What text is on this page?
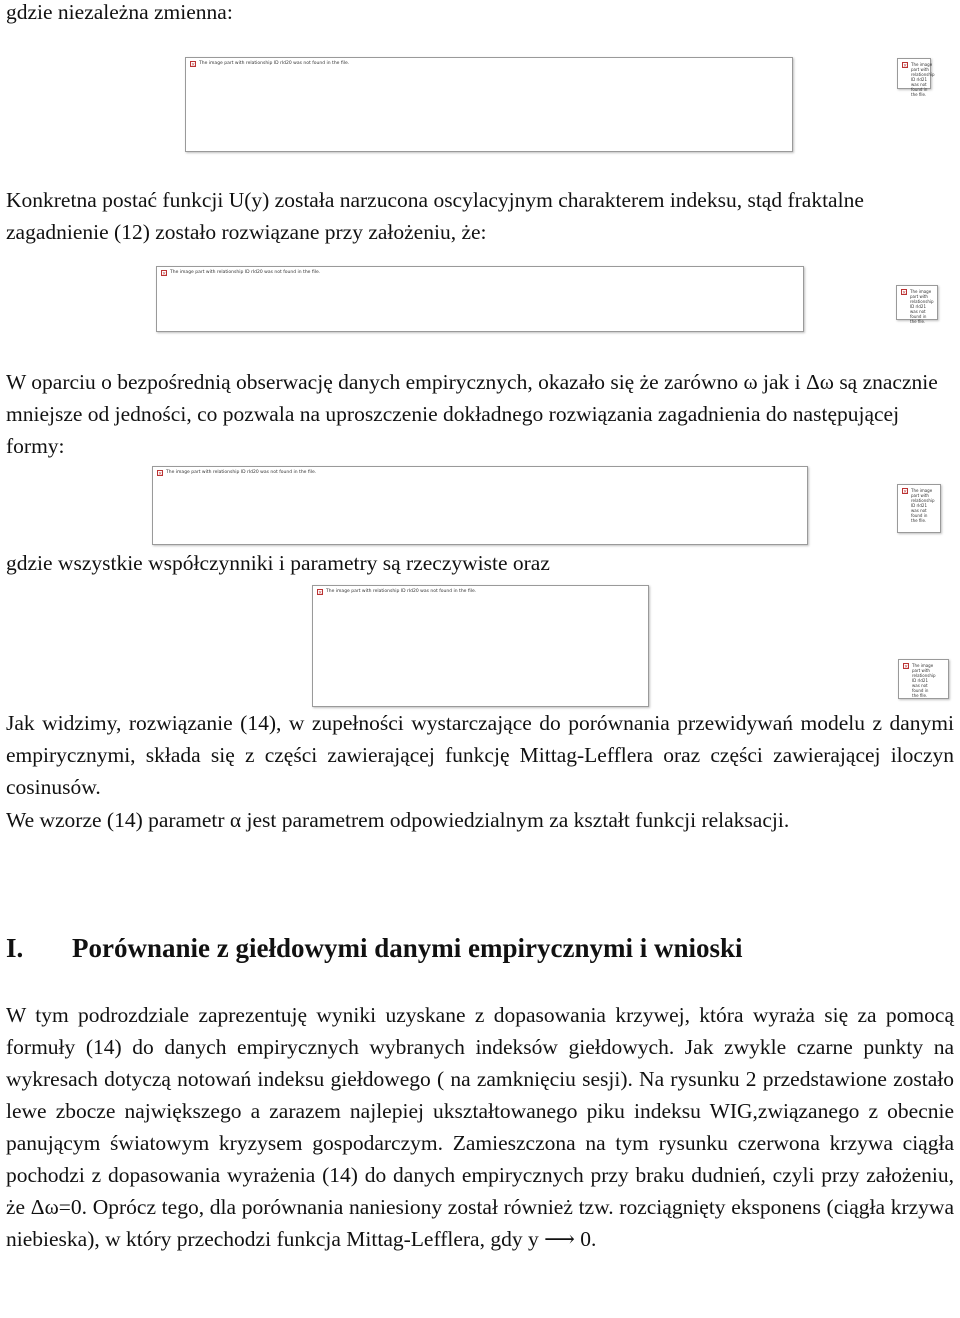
gdzie niezależna zmienna:

× The image part with relationship ID rId20 was not found in the file.	× The image part with relationship ID rId21 was not found in the file.

Konkretna postać funkcji U(y) została narzucona oscylacyjnym charakterem indeksu, stąd fraktalne zagadnienie (12) zostało rozwiązane przy założeniu, że:

× The image part with relationship ID rId20 was not found in the file.
× The image part with relationship ID rId21 was not found in the file.

W oparciu o bezpośrednią obserwację danych empirycznych, okazało się że zarówno ω jak i Δω są znacznie mniejsze od jedności, co pozwala na uproszczenie dokładnego rozwiązania zagadnienia do następującej formy:

× The image part with relationship ID rId20 was not found in the file.
× The image part with relationship ID rId21 was not found in the file.

gdzie wszystkie współczynniki i parametry są rzeczywiste oraz

× The image part with relationship ID rId20 was not found in the file.
× The image part with relationship ID rId21 was not found in the file.

Jak widzimy, rozwiązanie (14), w zupełności wystarczające do porównania przewidywań modelu z danymi empirycznymi, składa się z części zawierającej funkcję Mittag-Lefflera oraz części zawierającej iloczyn cosinusów.

We wzorze (14) parametr α jest parametrem odpowiedzialnym za kształt funkcji relaksacji.

I. Porównanie z giełdowymi danymi empirycznymi i wnioski

W tym podrozdziale zaprezentuję wyniki uzyskane z dopasowania krzywej, która wyraża się za pomocą formuły (14) do danych empirycznych wybranych indeksów giełdowych. Jak zwykle czarne punkty na wykresach dotyczą notowań indeksu giełdowego ( na zamknięciu sesji). Na rysunku 2 przedstawione zostało lewe zbocze największego a zarazem najlepiej ukształtowanego piku indeksu WIG,związanego z obecnie panującym światowym kryzysem gospodarczym. Zamieszczona na tym rysunku czerwona krzywa ciągła pochodzi z dopasowania wyrażenia (14) do danych empirycznych przy braku dudnień, czyli przy założeniu, że Δω=0. Oprócz tego, dla porównania naniesiony został również tzw. rozciągnięty eksponens (ciągła krzywa niebieska), w który przechodzi funkcja Mittag-Lefflera, gdy y ⟶ 0.
